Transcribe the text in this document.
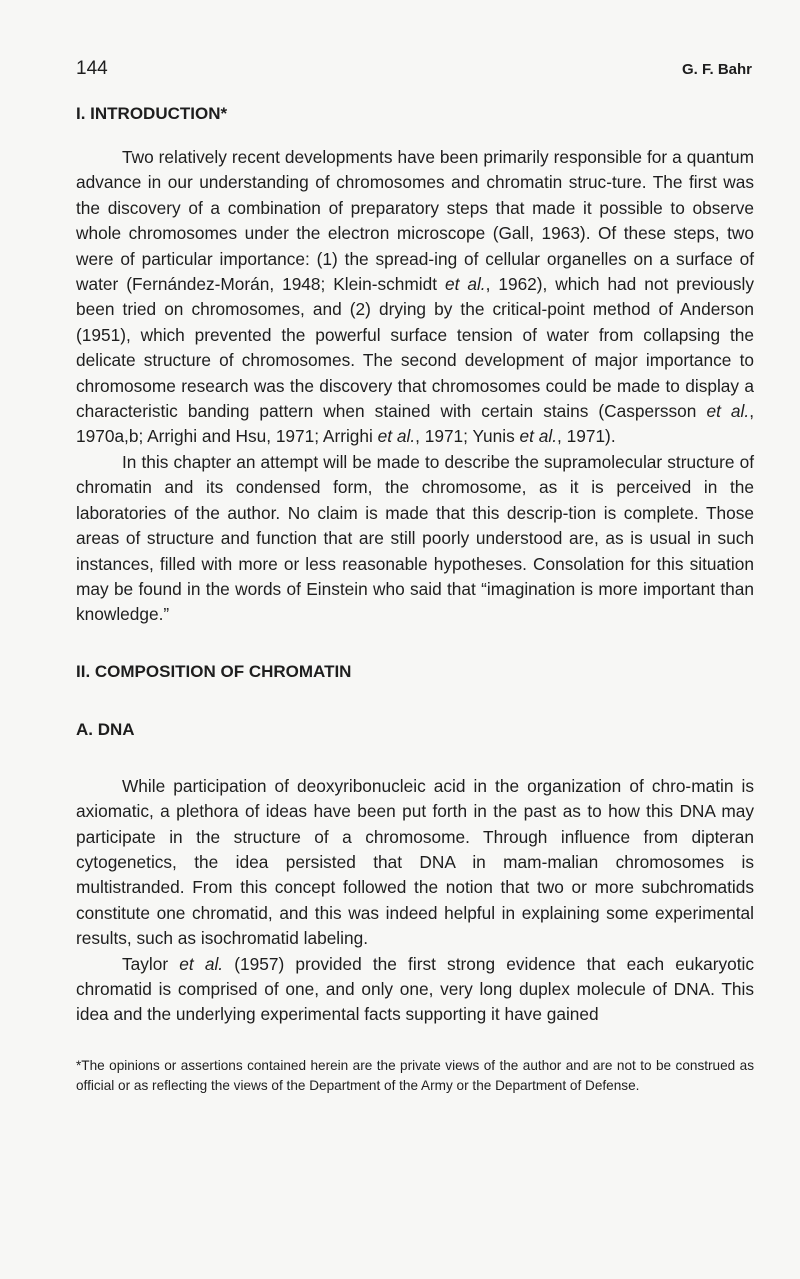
144	G. F. Bahr
I. INTRODUCTION*

Two relatively recent developments have been primarily responsible for a quantum advance in our understanding of chromosomes and chromatin struc-ture. The first was the discovery of a combination of preparatory steps that made it possible to observe whole chromosomes under the electron microscope (Gall, 1963). Of these steps, two were of particular importance: (1) the spread-ing of cellular organelles on a surface of water (Fernández-Morán, 1948; Klein-schmidt et al., 1962), which had not previously been tried on chromosomes, and (2) drying by the critical-point method of Anderson (1951), which prevented the powerful surface tension of water from collapsing the delicate structure of chromosomes. The second development of major importance to chromosome research was the discovery that chromosomes could be made to display a characteristic banding pattern when stained with certain stains (Caspersson et al., 1970a,b; Arrighi and Hsu, 1971; Arrighi et al., 1971; Yunis et al., 1971).

In this chapter an attempt will be made to describe the supramolecular structure of chromatin and its condensed form, the chromosome, as it is perceived in the laboratories of the author. No claim is made that this descrip-tion is complete. Those areas of structure and function that are still poorly understood are, as is usual in such instances, filled with more or less reasonable hypotheses. Consolation for this situation may be found in the words of Einstein who said that “imagination is more important than knowledge.”

II. COMPOSITION OF CHROMATIN
A. DNA

While participation of deoxyribonucleic acid in the organization of chro-matin is axiomatic, a plethora of ideas have been put forth in the past as to how this DNA may participate in the structure of a chromosome. Through influence from dipteran cytogenetics, the idea persisted that DNA in mam-malian chromosomes is multistranded. From this concept followed the notion that two or more subchromatids constitute one chromatid, and this was indeed helpful in explaining some experimental results, such as isochromatid labeling.

Taylor et al. (1957) provided the first strong evidence that each eukaryotic chromatid is comprised of one, and only one, very long duplex molecule of DNA. This idea and the underlying experimental facts supporting it have gained

*The opinions or assertions contained herein are the private views of the author and are not to be construed as official or as reflecting the views of the Department of the Army or the Department of Defense.
